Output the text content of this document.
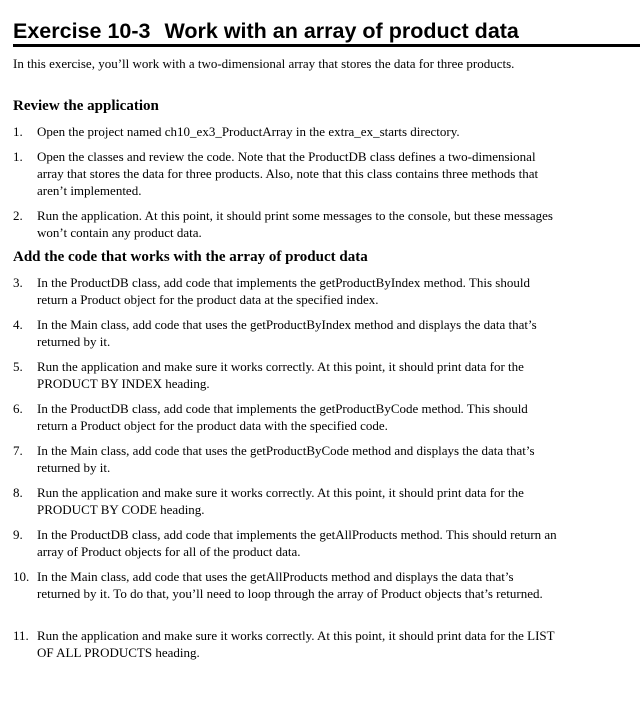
Exercise 10-3 Work with an array of product data

In this exercise, you’ll work with a two-dimensional array that stores the data for three products.

Review the application
1. Open the project named ch10_ex3_ProductArray in the extra_ex_starts directory.
1. Open the classes and review the code. Note that the ProductDB class defines a two-dimensional array that stores the data for three products. Also, note that this class contains three methods that aren’t implemented.
2. Run the application. At this point, it should print some messages to the console, but these messages won’t contain any product data.
Add the code that works with the array of product data
3. In the ProductDB class, add code that implements the getProductByIndex method. This should return a Product object for the product data at the specified index.
4. In the Main class, add code that uses the getProductByIndex method and displays the data that’s returned by it.
5. Run the application and make sure it works correctly. At this point, it should print data for the PRODUCT BY INDEX heading.
6. In the ProductDB class, add code that implements the getProductByCode method. This should return a Product object for the product data with the specified code.
7. In the Main class, add code that uses the getProductByCode method and displays the data that’s returned by it.
8. Run the application and make sure it works correctly. At this point, it should print data for the PRODUCT BY CODE heading.
9. In the ProductDB class, add code that implements the getAllProducts method. This should return an array of Product objects for all of the product data.
10. In the Main class, add code that uses the getAllProducts method and displays the data that’s returned by it. To do that, you’ll need to loop through the array of Product objects that’s returned.
11. Run the application and make sure it works correctly. At this point, it should print data for the LIST OF ALL PRODUCTS heading.
